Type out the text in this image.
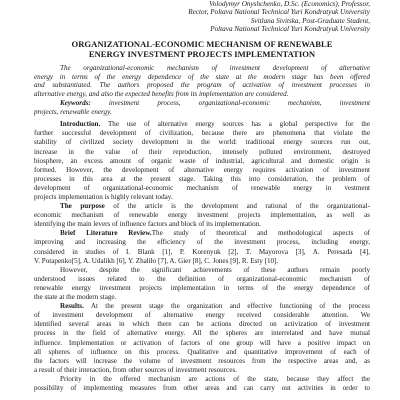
Volodymyr Onyshchenko, D.Sc. (Economics), Professor,
Rector, Poltava National Technical Yuri Kondratyuk University
Svitlana Sivitska, Post-Graduate Student,
Poltava National Technical Yuri Kondratyuk University
ORGANIZATIONAL-ECONOMIC MECHANISM OF RENEWABLE
ENERGY INVESTMENT PROJECTS IMPLEMENTATION
The organizational-economic mechanism of investment development of alternative
energy in terms of the energy dependence of the state at the modern stage has been offered
and substantiated. The authors proposed the program of activation of investment processes in
alternative energy, and also the expected benefits from its implementation are considered.
Keywords: investment process, organizational-economic mechanism, investment
projects, renewable energy.
Introduction. The use of alternative energy sources has a global perspective for the
further successful development of civilization, because there are phenomena that violate the
stability of civilized society development in the world: traditional energy sources run out,
increase in the value of their reproduction, intensely polluted environment, destroyed
biosphere, an excess amount of organic waste of industrial, agricultural and domestic origin is
formed. However, the development of alternative energy requires activation of investment
processes in this area at the present stage. Taking this into consideration, the problem of
development of organizational-economic mechanism of renewable energy in vestment
projects implementation is highly relevant today.
The purpose of the article is the development and rational of the organizational-
economic mechanism of renewable energy investment projects implementation, as well as
identifying the main levers of influence factors and block of its implementation.
Brief Literature Review.The study of theoretical and methodological aspects of
improving and increasing the efficiency of the investment process, including energy,
considered in studies of I. Blank [1], P. Korenyuk [2], T. Mayorova [3], A. Peresada [4],
V. Potapenko[5], A. Udalikh [6], Y. Zhaliło [7], A. Gier [8], C. Jones [9], R. Esty [10].
However, despite the significant achievements of these authors remain poorly
understood issues related to the definition of organizational-economic mechanism of
renewable energy investment projects implementation in terms of the energy dependence of
the state at the modern stage.
Results. At the present stage the organization and effective functioning of the process
of investment development of alternative energy received considerable attention. We
identified several areas in which there can be actions directed on activization of investment
process in the field of alternative energy. All the spheres are interrelated and have mutual
influence. Implementation or activation of factors of one group will have a positive impact on
all spheres of influence on this process. Qualitative and quantitative improvement of each of
the factors will increase the volume of investment resources from the respective areas and, as
a result of their interaction, from other sources of investment resources.
Priority in the offered mechanism are actions of the state, because they affect the
possibility of implementing measures from other areas and can carry out activities in order to
